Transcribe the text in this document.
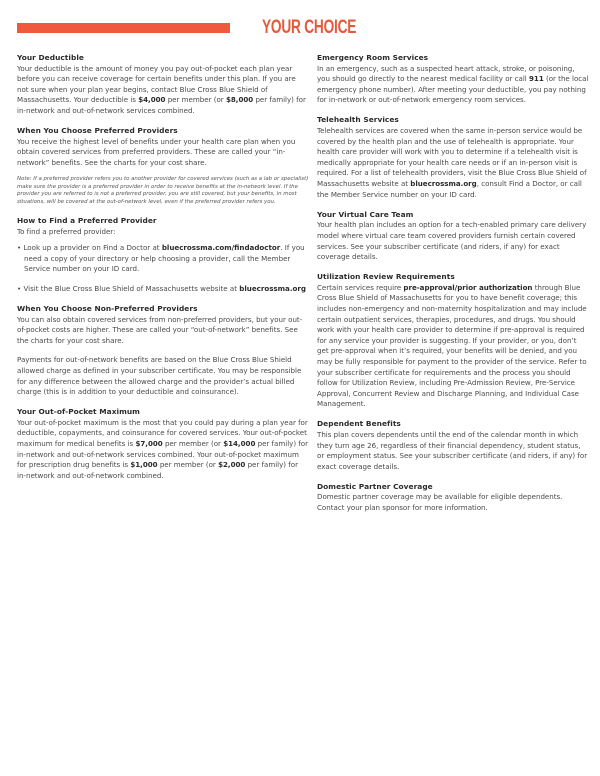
YOUR CHOICE
Your Deductible
Your deductible is the amount of money you pay out-of-pocket each plan year before you can receive coverage for certain benefits under this plan. If you are not sure when your plan year begins, contact Blue Cross Blue Shield of Massachusetts. Your deductible is $4,000 per member (or $8,000 per family) for in-network and out-of-network services combined.
When You Choose Preferred Providers
You receive the highest level of benefits under your health care plan when you obtain covered services from preferred providers. These are called your “in-network” benefits. See the charts for your cost share.
Note: If a preferred provider refers you to another provider for covered services (such as a lab or specialist) make sure the provider is a preferred provider in order to receive benefits at the in-network level. If the provider you are referred to is not a preferred provider, you are still covered, but your benefits, in most situations, will be covered at the out-of-network level, even if the preferred provider refers you.
How to Find a Preferred Provider
To find a preferred provider:
• Look up a provider on Find a Doctor at bluecrossma.com/findadoctor. If you need a copy of your directory or help choosing a provider, call the Member Service number on your ID card.
• Visit the Blue Cross Blue Shield of Massachusetts website at bluecrossma.org
When You Choose Non-Preferred Providers
You can also obtain covered services from non-preferred providers, but your out-of-pocket costs are higher. These are called your “out-of-network” benefits. See the charts for your cost share.
Payments for out-of-network benefits are based on the Blue Cross Blue Shield allowed charge as defined in your subscriber certificate. You may be responsible for any difference between the allowed charge and the provider’s actual billed charge (this is in addition to your deductible and coinsurance).
Your Out-of-Pocket Maximum
Your out-of-pocket maximum is the most that you could pay during a plan year for deductible, copayments, and coinsurance for covered services. Your out-of-pocket maximum for medical benefits is $7,000 per member (or $14,000 per family) for in-network and out-of-network services combined. Your out-of-pocket maximum for prescription drug benefits is $1,000 per member (or $2,000 per family) for in-network and out-of-network combined.
Emergency Room Services
In an emergency, such as a suspected heart attack, stroke, or poisoning, you should go directly to the nearest medical facility or call 911 (or the local emergency phone number). After meeting your deductible, you pay nothing for in-network or out-of-network emergency room services.
Telehealth Services
Telehealth services are covered when the same in-person service would be covered by the health plan and the use of telehealth is appropriate. Your health care provider will work with you to determine if a telehealth visit is medically appropriate for your health care needs or if an in-person visit is required. For a list of telehealth providers, visit the Blue Cross Blue Shield of Massachusetts website at bluecrossma.org, consult Find a Doctor, or call the Member Service number on your ID card.
Your Virtual Care Team
Your health plan includes an option for a tech-enabled primary care delivery model where virtual care team covered providers furnish certain covered services. See your subscriber certificate (and riders, if any) for exact coverage details.
Utilization Review Requirements
Certain services require pre-approval/prior authorization through Blue Cross Blue Shield of Massachusetts for you to have benefit coverage; this includes non-emergency and non-maternity hospitalization and may include certain outpatient services, therapies, procedures, and drugs. You should work with your health care provider to determine if pre-approval is required for any service your provider is suggesting. If your provider, or you, don’t get pre-approval when it’s required, your benefits will be denied, and you may be fully responsible for payment to the provider of the service. Refer to your subscriber certificate for requirements and the process you should follow for Utilization Review, including Pre-Admission Review, Pre-Service Approval, Concurrent Review and Discharge Planning, and Individual Case Management.
Dependent Benefits
This plan covers dependents until the end of the calendar month in which they turn age 26, regardless of their financial dependency, student status, or employment status. See your subscriber certificate (and riders, if any) for exact coverage details.
Domestic Partner Coverage
Domestic partner coverage may be available for eligible dependents. Contact your plan sponsor for more information.
